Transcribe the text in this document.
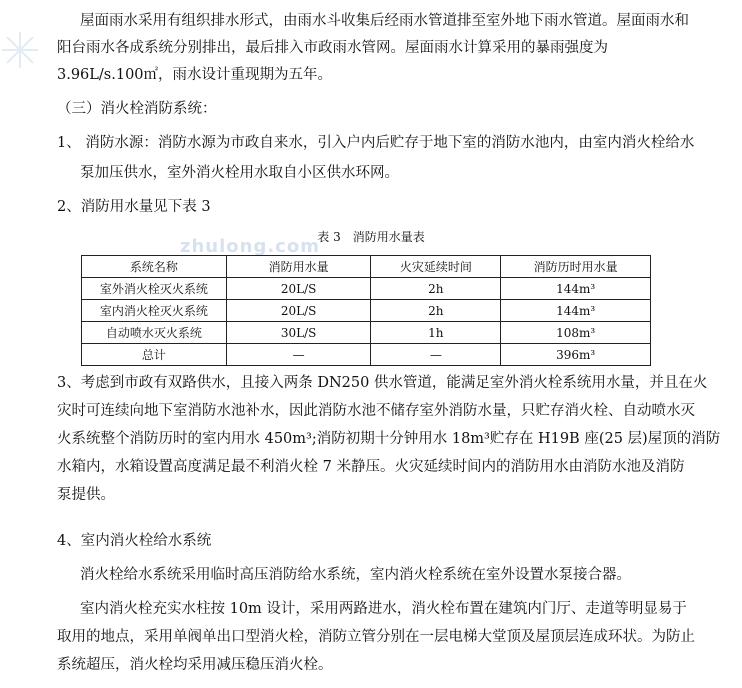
zhulong.com
屋面雨水采用有组织排水形式，由雨水斗收集后经雨水管道排至室外地下雨水管道。屋面雨水和
阳台雨水各成系统分别排出，最后排入市政雨水管网。屋面雨水计算采用的暴雨强度为
3.96L/s.100㎡，雨水设计重现期为五年。
（三）消火栓消防系统：
1、 消防水源：消防水源为市政自来水，引入户内后贮存于地下室的消防水池内，由室内消火栓给水
泵加压供水，室外消火栓用水取自小区供水环网。
2、消防用水量见下表 3
表 3　消防用水量表
系统名称	消防用水量	火灾延续时间	消防历时用水量
室外消火栓灭火系统	20L/S	2h	144m³
室内消火栓灭火系统	20L/S	2h	144m³
自动喷水灭火系统	30L/S	1h	108m³
总计	—	—	396m³
3、考虑到市政有双路供水，且接入两条 DN250 供水管道，能满足室外消火栓系统用水量，并且在火
灾时可连续向地下室消防水池补水，因此消防水池不储存室外消防水量，只贮存消火栓、自动喷水灭
火系统整个消防历时的室内用水 450m³;消防初期十分钟用水 18m³贮存在 H19B 座(25 层)屋顶的消防
水箱内，水箱设置高度满足最不利消火栓 7 米静压。火灾延续时间内的消防用水由消防水池及消防
泵提供。
4、室内消火栓给水系统
消火栓给水系统采用临时高压消防给水系统，室内消火栓系统在室外设置水泵接合器。
室内消火栓充实水柱按 10m 设计，采用两路进水，消火栓布置在建筑内门厅、走道等明显易于
取用的地点，采用单阀单出口型消火栓，消防立管分别在一层电梯大堂顶及屋顶层连成环状。为防止
系统超压，消火栓均采用减压稳压消火栓。
